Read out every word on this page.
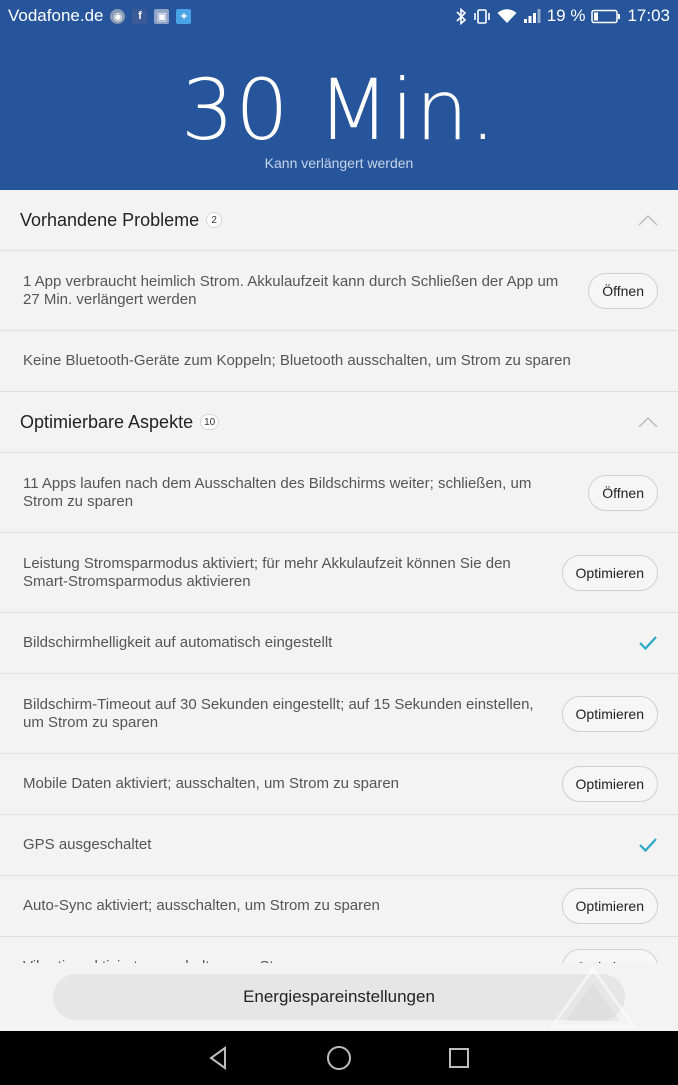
Vodafone.de ◉	f	▣ ✦	19 % 17:03
30 Min.
Kann verlängert werden
Vorhandene Probleme	2
1 App verbraucht heimlich Strom. Akkulaufzeit kann durch Schließen der App um 27 Min. verlängert werden	Öffnen
Keine Bluetooth-Geräte zum Koppeln; Bluetooth ausschalten, um Strom zu sparen
Optimierbare Aspekte	10
11 Apps laufen nach dem Ausschalten des Bildschirms weiter; schließen, um Strom zu sparen	Öffnen
Leistung Stromsparmodus aktiviert; für mehr Akkulaufzeit können Sie den Smart-Stromsparmodus aktivieren	Optimieren
Bildschirmhelligkeit auf automatisch eingestellt
Bildschirm-Timeout auf 30 Sekunden eingestellt; auf 15 Sekunden einstellen, um Strom zu sparen	Optimieren
Mobile Daten aktiviert; ausschalten, um Strom zu sparen	Optimieren
GPS ausgeschaltet
Auto-Sync aktiviert; ausschalten, um Strom zu sparen	Optimieren
Energiespareinstellungen
